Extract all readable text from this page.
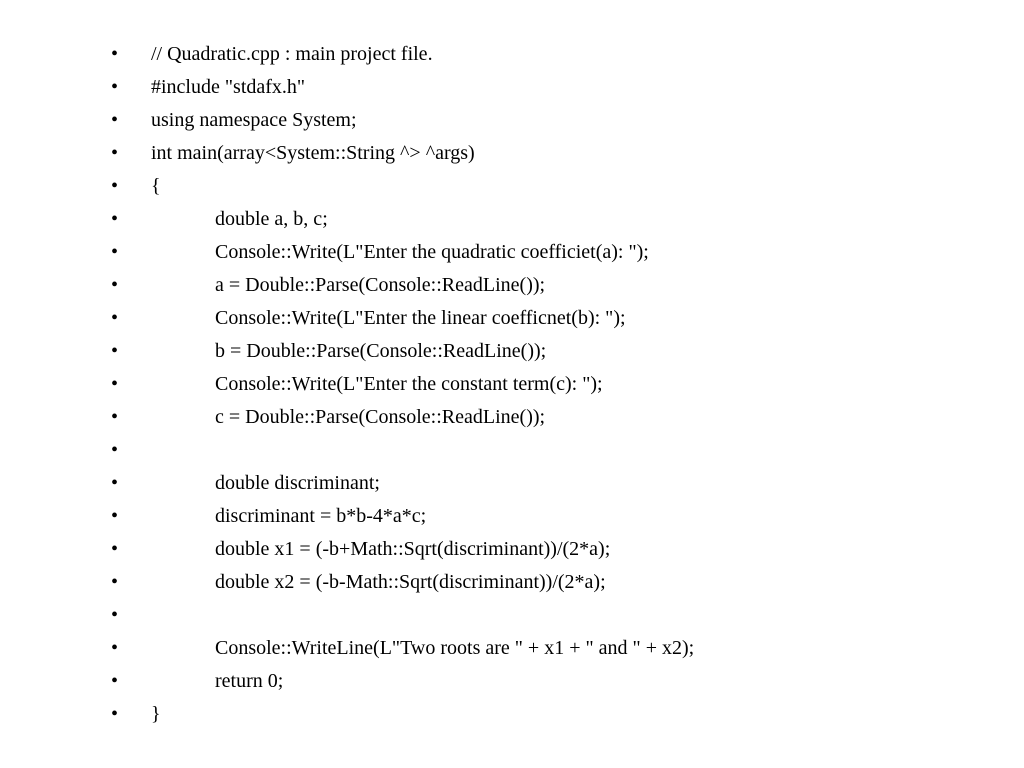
• // Quadratic.cpp : main project file.
• #include "stdafx.h"
• using namespace System;
• int main(array<System::String ^> ^args)
• {
•	double a, b, c;
•	Console::Write(L"Enter the quadratic coefficiet(a): ");
•	a = Double::Parse(Console::ReadLine());
•	Console::Write(L"Enter the linear coefficnet(b): ");
•	b = Double::Parse(Console::ReadLine());
•	Console::Write(L"Enter the constant term(c): ");
•	c = Double::Parse(Console::ReadLine());
•
•	double discriminant;
•	discriminant = b*b-4*a*c;
•	double x1 = (-b+Math::Sqrt(discriminant))/(2*a);
•	double x2 = (-b-Math::Sqrt(discriminant))/(2*a);
•
•	Console::WriteLine(L"Two roots are " + x1 + " and " + x2);
•	return 0;
• }
